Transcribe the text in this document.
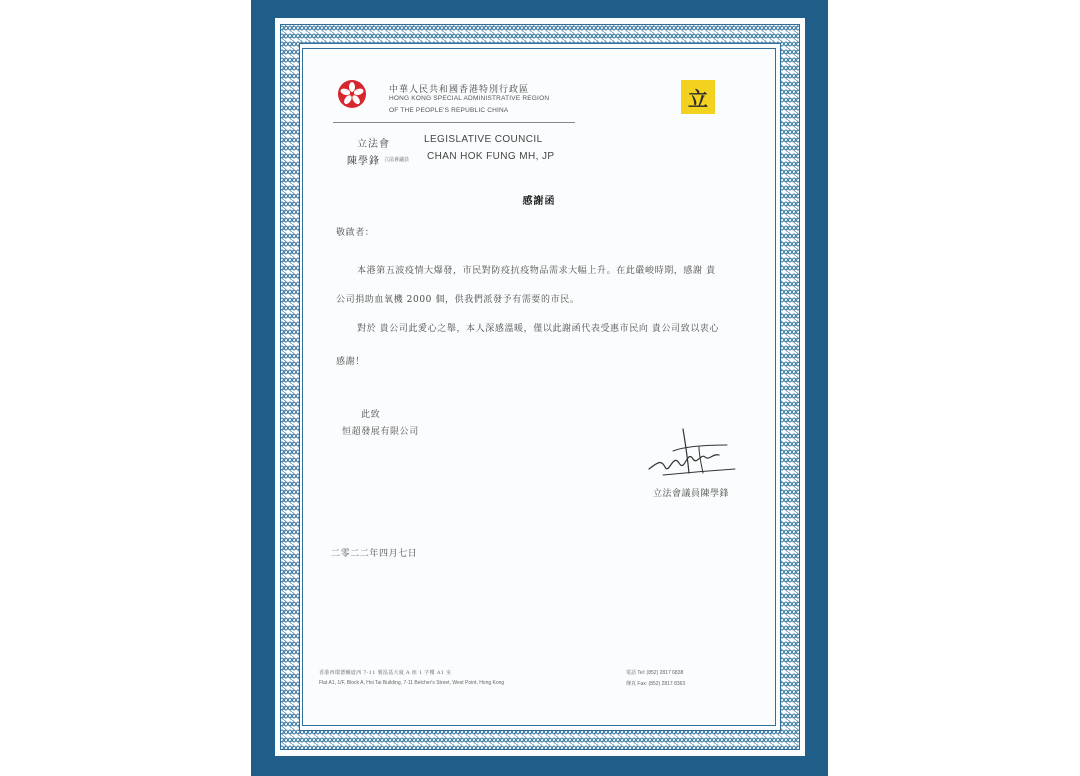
中華人民共和國香港特別行政區
HONG KONG SPECIAL ADMINISTRATIVE REGION
OF THE PEOPLE'S REPUBLIC CHINA	立
立法會	LEGISLATIVE COUNCIL
陳學鋒 立法會議員 CHAN HOK FUNG MH, JP
感謝函
敬啟者：
本港第五波疫情大爆發，市民對防疫抗疫物品需求大幅上升。在此嚴峻時期，感謝 貴
公司捐助血氧機 2000 個，供我們派發予有需要的市民。
對於 貴公司此愛心之舉，本人深感溫暖，僅以此謝函代表受惠市民向 貴公司致以衷心
感謝！
此致
恒超發展有限公司
立法會議員陳學鋒
二零二二年四月七日
香港西環德輔道西 7-11 號泓基大廈 A 座 1 字樓 A1 室
Flat A1, 1/F, Block A, Hoi Tai Building, 7-11 Belcher's Street, West Point, Hong Kong
電話 Tel: (852) 2817 6838
傳真 Fax: (852) 2817 8363
